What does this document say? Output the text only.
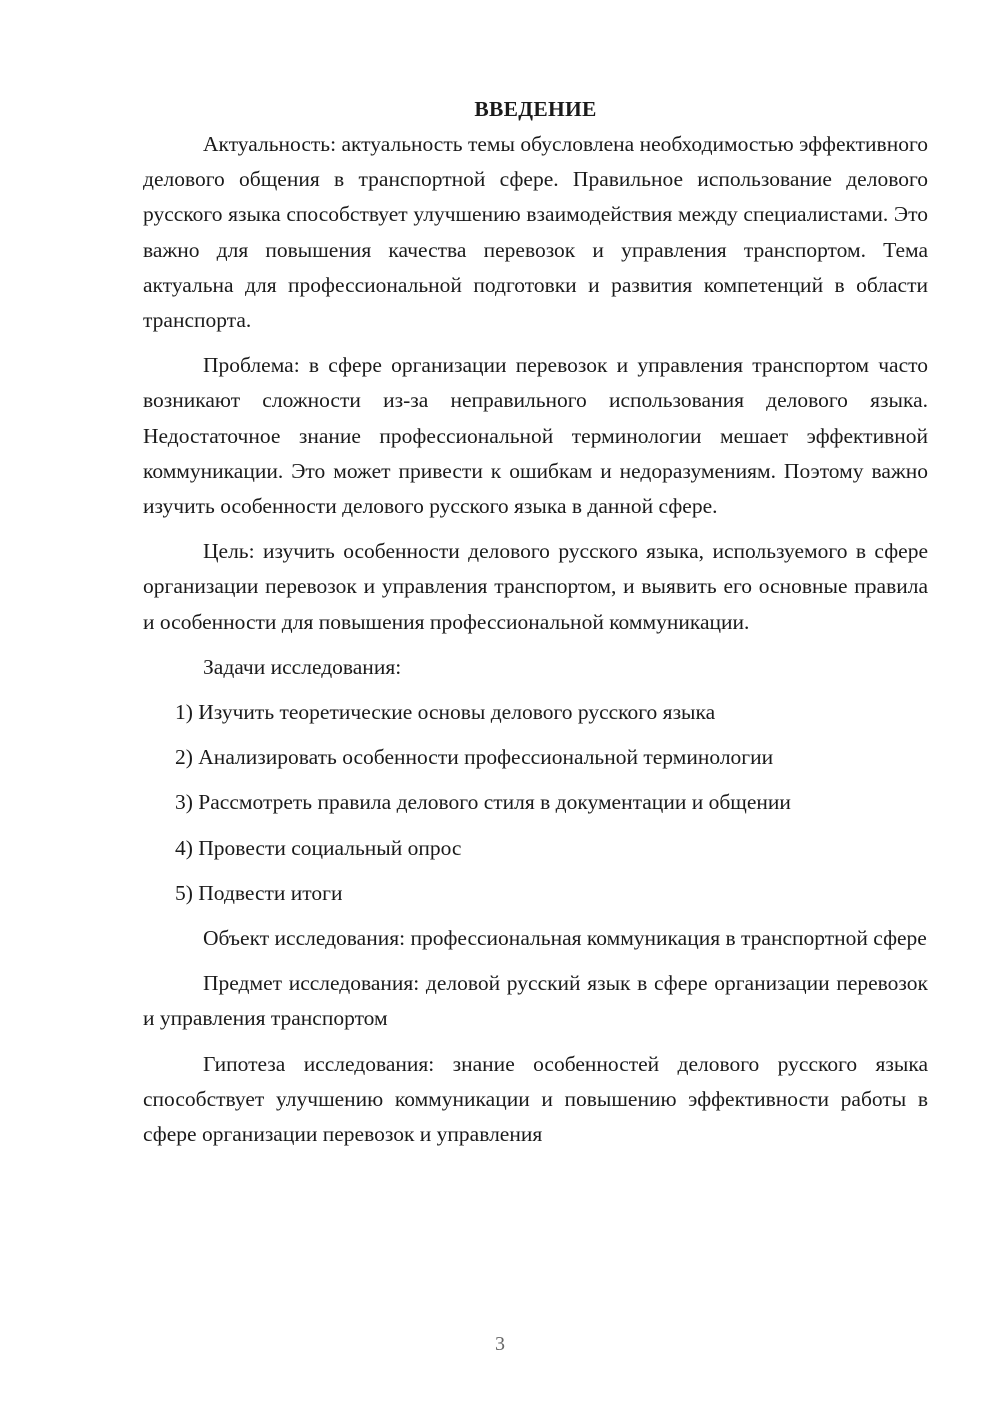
ВВЕДЕНИЕ

Актуальность: актуальность темы обусловлена необходимостью эффективного делового общения в транспортной сфере. Правильное использование делового русского языка способствует улучшению взаимодействия между специалистами. Это важно для повышения качества перевозок и управления транспортом. Тема актуальна для профессиональной подготовки и развития компетенций в области транспорта.

Проблема: в сфере организации перевозок и управления транспортом часто возникают сложности из-за неправильного использования делового языка. Недостаточное знание профессиональной терминологии мешает эффективной коммуникации. Это может привести к ошибкам и недоразумениям. Поэтому важно изучить особенности делового русского языка в данной сфере.

Цель: изучить особенности делового русского языка, используемого в сфере организации перевозок и управления транспортом, и выявить его основные правила и особенности для повышения профессиональной коммуникации.

Задачи исследования:

1) Изучить теоретические основы делового русского языка
2) Анализировать особенности профессиональной терминологии
3) Рассмотреть правила делового стиля в документации и общении
4) Провести социальный опрос
5) Подвести итоги

Объект исследования: профессиональная коммуникация в транспортной сфере

Предмет исследования: деловой русский язык в сфере организации перевозок и управления транспортом

Гипотеза исследования: знание особенностей делового русского языка способствует улучшению коммуникации и повышению эффективности работы в сфере организации перевозок и управления

3
